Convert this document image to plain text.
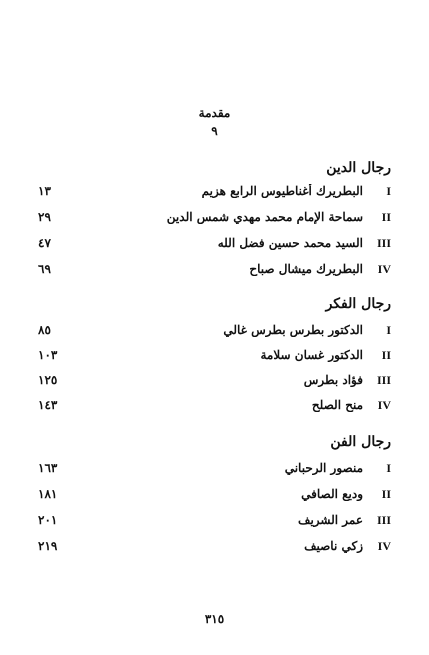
مقدمة
٩
رجال الدين
I
البطريرك أغناطيوس الرابع هزيم
١٣
II
سماحة الإمام محمد مهدي شمس الدين
٢٩
III
السيد محمد حسين فضل الله
٤٧
IV
البطريرك ميشال صباح
٦٩
رجال الفكر
I
الدكتور بطرس بطرس غالي
٨٥
II
الدكتور غسان سلامة
١٠٣
III
فؤاد بطرس
١٢٥
IV
منح الصلح
١٤٣
رجال الفن
I
منصور الرحباني
١٦٣
II
وديع الصافي
١٨١
III
عمر الشريف
٢٠١
IV
زكي ناصيف
٢١٩
٣١٥
